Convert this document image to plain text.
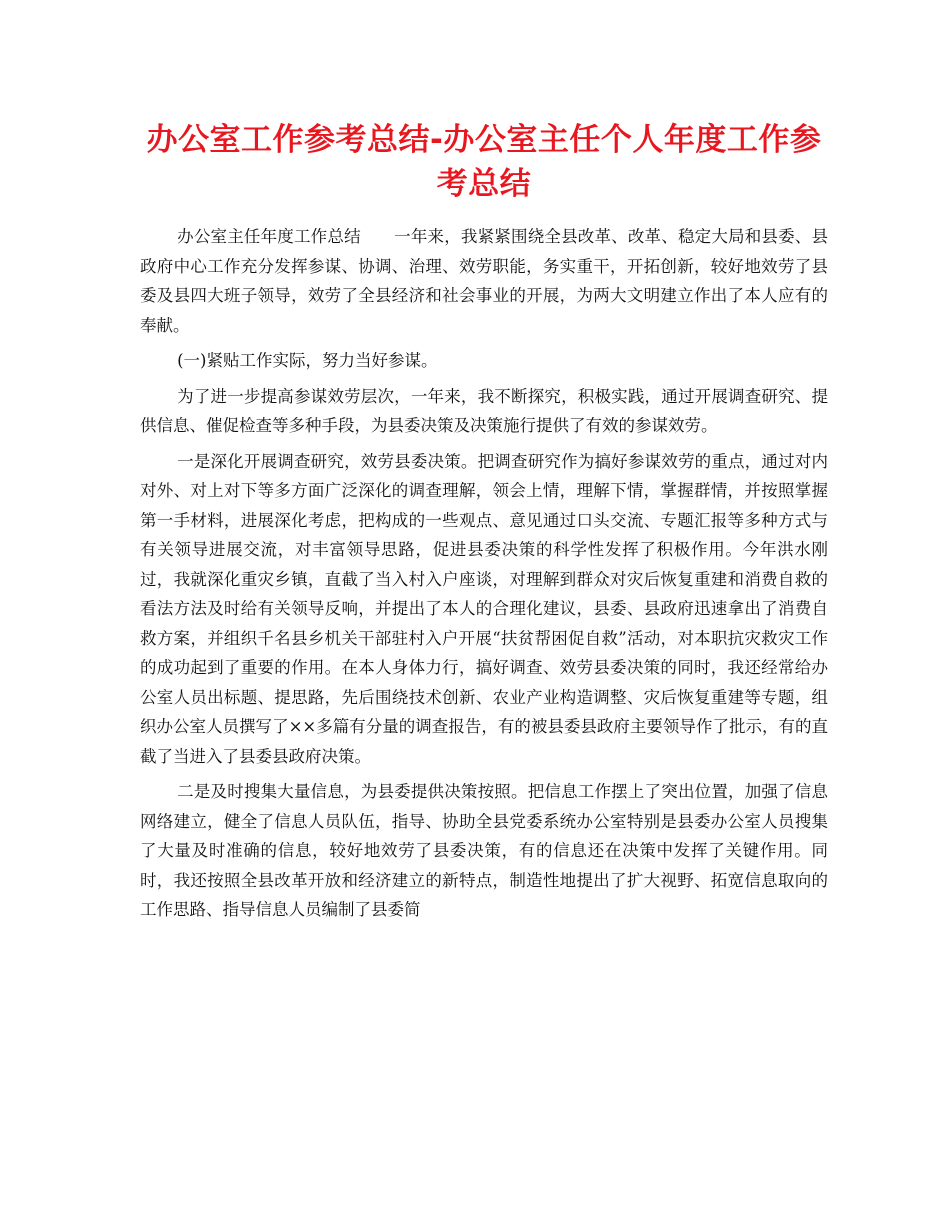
办公室工作参考总结-办公室主任个人年度工作参考总结

办公室主任年度工作总结　　一年来，我紧紧围绕全县改革、改革、稳定大局和县委、县政府中心工作充分发挥参谋、协调、治理、效劳职能，务实重干，开拓创新，较好地效劳了县委及县四大班子领导，效劳了全县经济和社会事业的开展，为两大文明建立作出了本人应有的奉献。

(一)紧贴工作实际，努力当好参谋。

为了进一步提高参谋效劳层次，一年来，我不断探究，积极实践，通过开展调查研究、提供信息、催促检查等多种手段，为县委决策及决策施行提供了有效的参谋效劳。

一是深化开展调查研究，效劳县委决策。把调查研究作为搞好参谋效劳的重点，通过对内对外、对上对下等多方面广泛深化的调查理解，领会上情，理解下情，掌握群情，并按照掌握第一手材料，进展深化考虑，把构成的一些观点、意见通过口头交流、专题汇报等多种方式与有关领导进展交流，对丰富领导思路，促进县委决策的科学性发挥了积极作用。今年洪水刚过，我就深化重灾乡镇，直截了当入村入户座谈，对理解到群众对灾后恢复重建和消费自救的看法方法及时给有关领导反响，并提出了本人的合理化建议，县委、县政府迅速拿出了消费自救方案，并组织千名县乡机关干部驻村入户开展“扶贫帮困促自救”活动，对本职抗灾救灾工作的成功起到了重要的作用。在本人身体力行，搞好调查、效劳县委决策的同时，我还经常给办公室人员出标题、提思路，先后围绕技术创新、农业产业构造调整、灾后恢复重建等专题，组织办公室人员撰写了××多篇有分量的调查报告，有的被县委县政府主要领导作了批示，有的直截了当进入了县委县政府决策。

二是及时搜集大量信息，为县委提供决策按照。把信息工作摆上了突出位置，加强了信息网络建立，健全了信息人员队伍，指导、协助全县党委系统办公室特别是县委办公室人员搜集了大量及时准确的信息，较好地效劳了县委决策，有的信息还在决策中发挥了关键作用。同时，我还按照全县改革开放和经济建立的新特点，制造性地提出了扩大视野、拓宽信息取向的工作思路、指导信息人员编制了县委简
